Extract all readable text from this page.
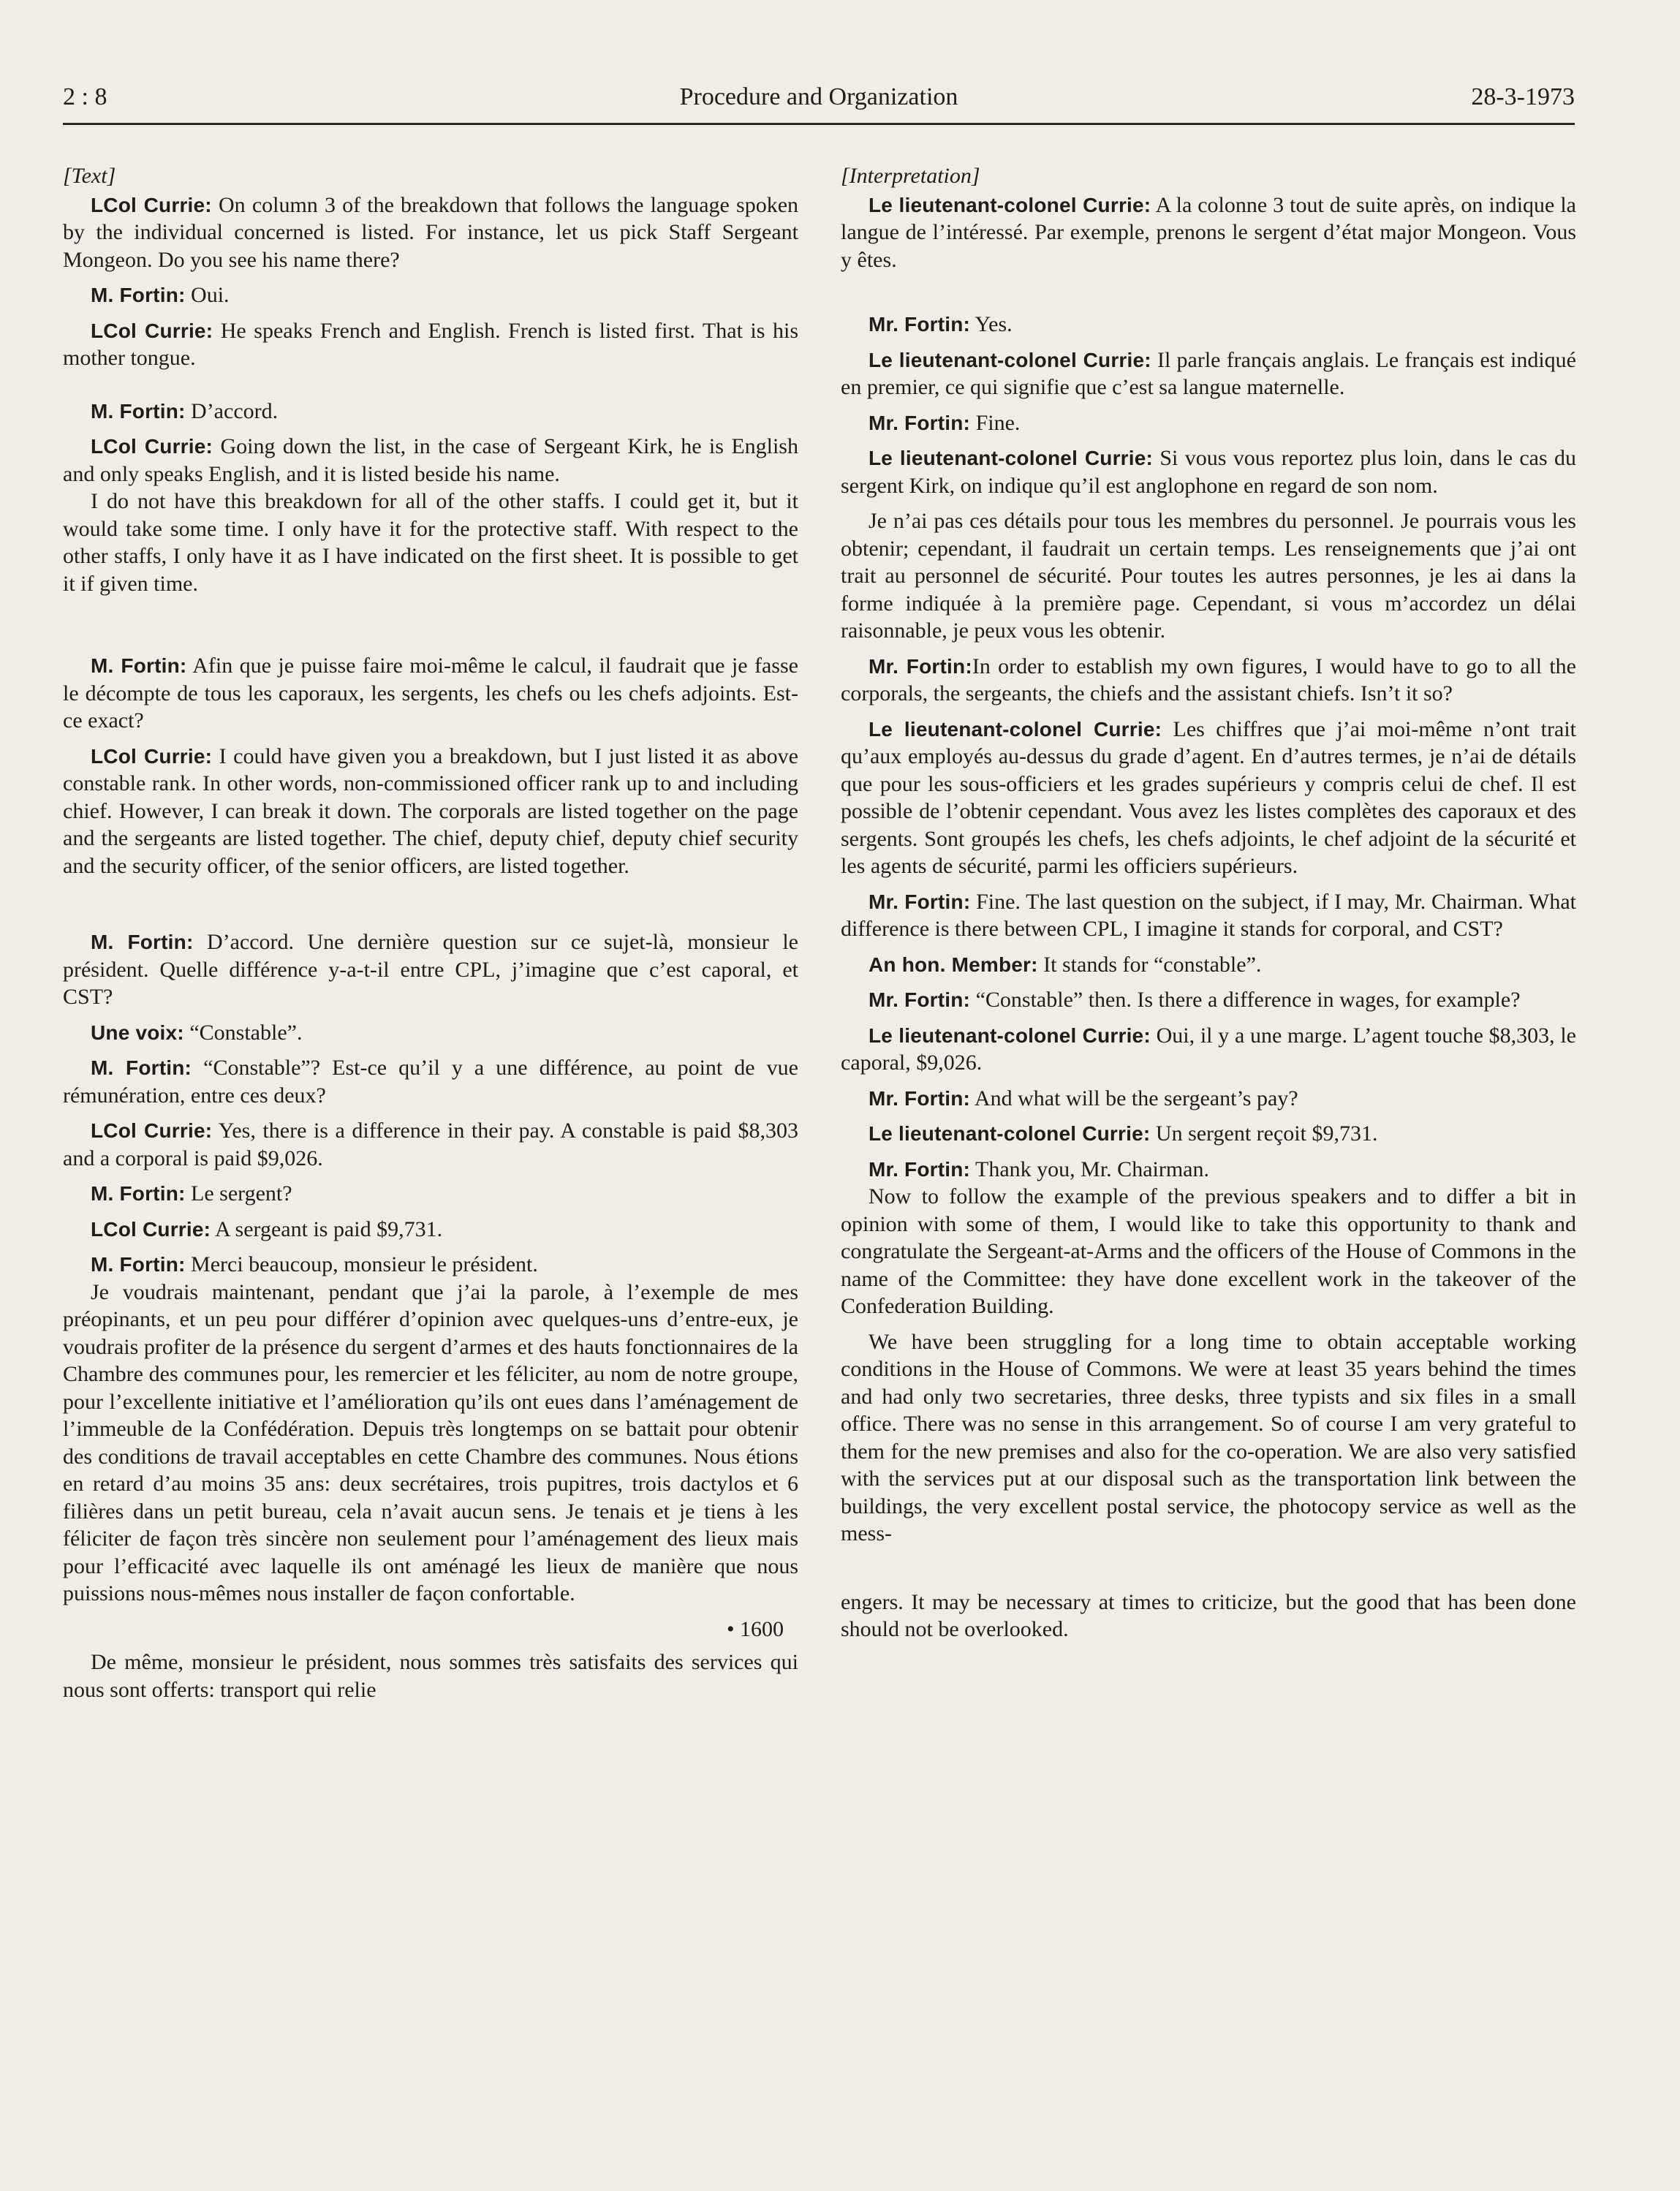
2 : 8	Procedure and Organization	28-3-1973

[Text]

LCol Currie: On column 3 of the breakdown that follows the language spoken by the individual concerned is listed. For instance, let us pick Staff Sergeant Mongeon. Do you see his name there?

M. Fortin: Oui.

LCol Currie: He speaks French and English. French is listed first. That is his mother tongue.

M. Fortin: D’accord.

LCol Currie: Going down the list, in the case of Sergeant Kirk, he is English and only speaks English, and it is listed beside his name.

I do not have this breakdown for all of the other staffs. I could get it, but it would take some time. I only have it for the protective staff. With respect to the other staffs, I only have it as I have indicated on the first sheet. It is possible to get it if given time.

M. Fortin: Afin que je puisse faire moi-même le calcul, il faudrait que je fasse le décompte de tous les caporaux, les sergents, les chefs ou les chefs adjoints. Est-ce exact?

LCol Currie: I could have given you a breakdown, but I just listed it as above constable rank. In other words, non-commissioned officer rank up to and including chief. However, I can break it down. The corporals are listed together on the page and the sergeants are listed together. The chief, deputy chief, deputy chief security and the security officer, of the senior officers, are listed together.

M. Fortin: D’accord. Une dernière question sur ce sujet-là, monsieur le président. Quelle différence y-a-t-il entre CPL, j’imagine que c’est caporal, et CST?

Une voix: “Constable”.

M. Fortin: “Constable”? Est-ce qu’il y a une différence, au point de vue rémunération, entre ces deux?

LCol Currie: Yes, there is a difference in their pay. A constable is paid $8,303 and a corporal is paid $9,026.

M. Fortin: Le sergent?

LCol Currie: A sergeant is paid $9,731.

M. Fortin: Merci beaucoup, monsieur le président.

Je voudrais maintenant, pendant que j’ai la parole, à l’exemple de mes préopinants, et un peu pour différer d’opinion avec quelques-uns d’entre-eux, je voudrais profiter de la présence du sergent d’armes et des hauts fonctionnaires de la Chambre des communes pour, les remercier et les féliciter, au nom de notre groupe, pour l’excellente initiative et l’amélioration qu’ils ont eues dans l’aménagement de l’immeuble de la Confédération. Depuis très longtemps on se battait pour obtenir des conditions de travail acceptables en cette Chambre des communes. Nous étions en retard d’au moins 35 ans: deux secrétaires, trois pupitres, trois dactylos et 6 filières dans un petit bureau, cela n’avait aucun sens. Je tenais et je tiens à les féliciter de façon très sincère non seulement pour l’aménagement des lieux mais pour l’efficacité avec laquelle ils ont aménagé les lieux de manière que nous puissions nous-mêmes nous installer de façon confortable.

• 1600

De même, monsieur le président, nous sommes très satisfaits des services qui nous sont offerts: transport qui relie

[Interpretation]

Le lieutenant-colonel Currie: A la colonne 3 tout de suite après, on indique la langue de l’intéressé. Par exemple, prenons le sergent d’état major Mongeon. Vous y êtes.

Mr. Fortin: Yes.

Le lieutenant-colonel Currie: Il parle français anglais. Le français est indiqué en premier, ce qui signifie que c’est sa langue maternelle.

Mr. Fortin: Fine.

Le lieutenant-colonel Currie: Si vous vous reportez plus loin, dans le cas du sergent Kirk, on indique qu’il est anglophone en regard de son nom.

Je n’ai pas ces détails pour tous les membres du personnel. Je pourrais vous les obtenir; cependant, il faudrait un certain temps. Les renseignements que j’ai ont trait au personnel de sécurité. Pour toutes les autres personnes, je les ai dans la forme indiquée à la première page. Cependant, si vous m’accordez un délai raisonnable, je peux vous les obtenir.

Mr. Fortin:In order to establish my own figures, I would have to go to all the corporals, the sergeants, the chiefs and the assistant chiefs. Isn’t it so?

Le lieutenant-colonel Currie: Les chiffres que j’ai moi-même n’ont trait qu’aux employés au-dessus du grade d’agent. En d’autres termes, je n’ai de détails que pour les sous-officiers et les grades supérieurs y compris celui de chef. Il est possible de l’obtenir cependant. Vous avez les listes complètes des caporaux et des sergents. Sont groupés les chefs, les chefs adjoints, le chef adjoint de la sécurité et les agents de sécurité, parmi les officiers supérieurs.

Mr. Fortin: Fine. The last question on the subject, if I may, Mr. Chairman. What difference is there between CPL, I imagine it stands for corporal, and CST?

An hon. Member: It stands for “constable”.

Mr. Fortin: “Constable” then. Is there a difference in wages, for example?

Le lieutenant-colonel Currie: Oui, il y a une marge. L’agent touche $8,303, le caporal, $9,026.

Mr. Fortin: And what will be the sergeant’s pay?

Le lieutenant-colonel Currie: Un sergent reçoit $9,731.

Mr. Fortin: Thank you, Mr. Chairman.

Now to follow the example of the previous speakers and to differ a bit in opinion with some of them, I would like to take this opportunity to thank and congratulate the Sergeant-at-Arms and the officers of the House of Commons in the name of the Committee: they have done excellent work in the takeover of the Confederation Building.

We have been struggling for a long time to obtain acceptable working conditions in the House of Commons. We were at least 35 years behind the times and had only two secretaries, three desks, three typists and six files in a small office. There was no sense in this arrangement. So of course I am very grateful to them for the new premises and also for the co-operation. We are also very satisfied with the services put at our disposal such as the transportation link between the buildings, the very excellent postal service, the photocopy service as well as the mess-

engers. It may be necessary at times to criticize, but the good that has been done should not be overlooked.
